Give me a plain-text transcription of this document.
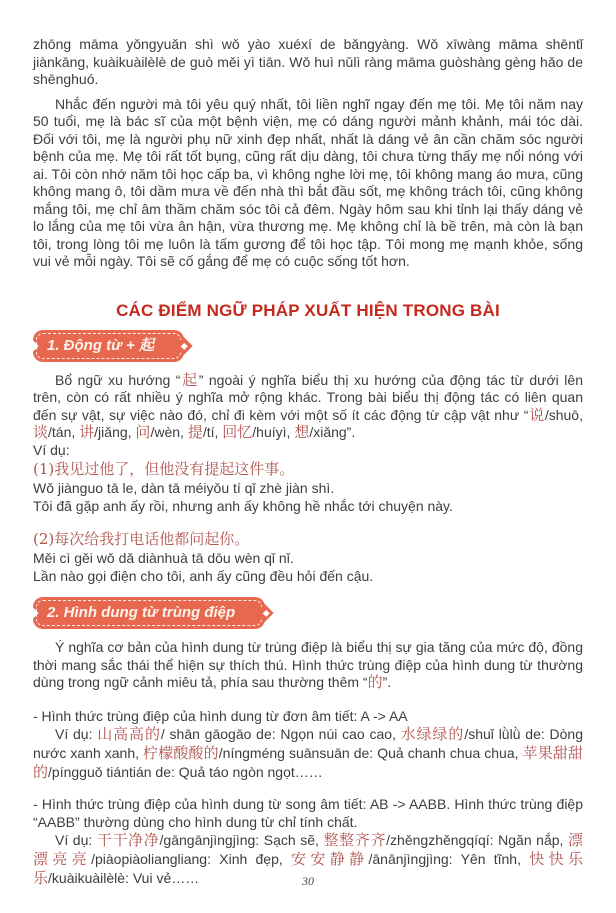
zhōng māma yǒngyuǎn shì wǒ yào xuéxí de bǎngyàng. Wǒ xīwàng māma shēntǐ jiànkāng, kuàikuàilèlè de guò měi yì tiān. Wǒ huì nǔlì ràng māma guòshàng gèng hǎo de shēnghuó.

Nhắc đến người mà tôi yêu quý nhất, tôi liền nghĩ ngay đến mẹ tôi. Mẹ tôi năm nay 50 tuổi, mẹ là bác sĩ của một bệnh viện, mẹ có dáng người mảnh khảnh, mái tóc dài. Đối với tôi, mẹ là người phụ nữ xinh đẹp nhất, nhất là dáng vẻ ân cần chăm sóc người bệnh của mẹ. Mẹ tôi rất tốt bụng, cũng rất dịu dàng, tôi chưa từng thấy mẹ nổi nóng với ai. Tôi còn nhớ năm tôi học cấp ba, vì không nghe lời mẹ, tôi không mang áo mưa, cũng không mang ô, tôi dầm mưa về đến nhà thì bắt đầu sốt, mẹ không trách tôi, cũng không mắng tôi, mẹ chỉ âm thầm chăm sóc tôi cả đêm. Ngày hôm sau khi tỉnh lại thấy dáng vẻ lo lắng của mẹ tôi vừa ân hận, vừa thương mẹ. Mẹ không chỉ là bề trên, mà còn là bạn tôi, trong lòng tôi mẹ luôn là tấm gương để tôi học tập. Tôi mong mẹ mạnh khỏe, sống vui vẻ mỗi ngày. Tôi sẽ cố gắng để mẹ có cuộc sống tốt hơn.

CÁC ĐIỂM NGỮ PHÁP XUẤT HIỆN TRONG BÀI
1. Động từ + 起

Bổ ngữ xu hướng “起” ngoài ý nghĩa biểu thị xu hướng của động tác từ dưới lên trên, còn có rất nhiều ý nghĩa mở rộng khác. Trong bài biểu thị động tác có liên quan đến sự vật, sự việc nào đó, chỉ đi kèm với một số ít các động từ cập vật như “说/shuō, 谈/tán, 讲/jiǎng, 问/wèn, 提/tí, 回忆/huíyì, 想/xiǎng”.

Ví dụ:

(1)我见过他了，但他没有提起这件事。

Wǒ jiànguo tā le, dàn tā méiyǒu tí qǐ zhè jiàn shì.

Tôi đã gặp anh ấy rồi, nhưng anh ấy không hề nhắc tới chuyện này.

(2)每次给我打电话他都问起你。

Měi cì gěi wǒ dǎ diànhuà tā dōu wèn qǐ nǐ.

Lần nào gọi điện cho tôi, anh ấy cũng đều hỏi đến cậu.

2. Hình dung từ trùng điệp

Ý nghĩa cơ bản của hình dung từ trùng điệp là biểu thị sự gia tăng của mức độ, đồng thời mang sắc thái thể hiện sự thích thú. Hình thức trùng điệp của hình dung từ thường dùng trong ngữ cảnh miêu tả, phía sau thường thêm “的”.

- Hình thức trùng điệp của hình dung từ đơn âm tiết: A -> AA

Ví dụ: 山高高的/ shān gāogāo de: Ngọn núi cao cao, 水绿绿的/shuǐ lǜlǜ de: Dòng nước xanh xanh, 柠檬酸酸的/níngméng suānsuān de: Quả chanh chua chua, 苹果甜甜的/píngguǒ tiántián de: Quả táo ngòn ngọt……

- Hình thức trùng điệp của hình dung từ song âm tiết: AB -> AABB. Hình thức trùng điệp “AABB” thường dùng cho hình dung từ chỉ tính chất.

Ví dụ: 干干净净/gāngānjìngjìng: Sạch sẽ, 整整齐齐/zhěngzhěngqíqí: Ngăn nắp, 漂漂亮亮/piàopiàoliangliang: Xinh đẹp, 安安静静/ānānjìngjìng: Yên tĩnh, 快快乐乐/kuàikuàilèlè: Vui vẻ……	30
